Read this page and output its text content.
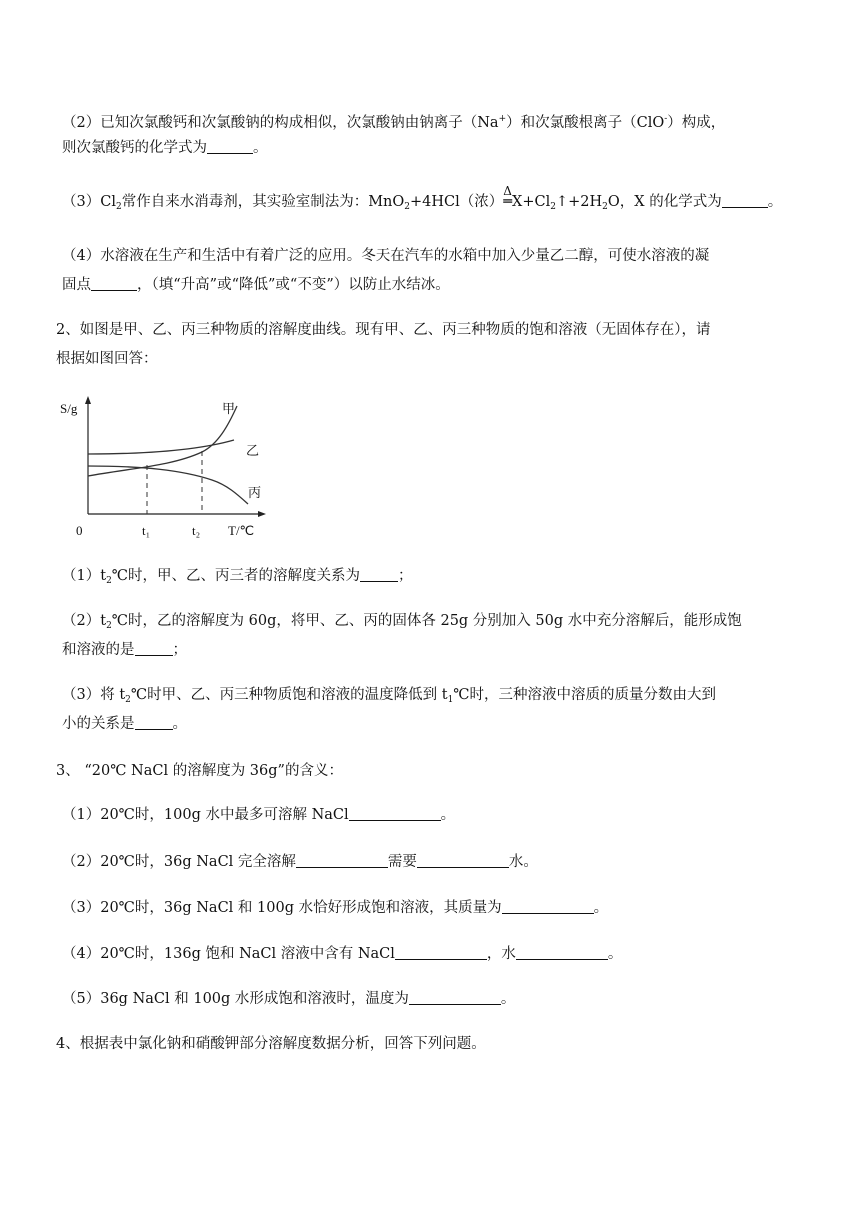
（2）已知次氯酸钙和次氯酸钠的构成相似，次氯酸钠由钠离子（Na+）和次氯酸根离子（ClO-）构成，
则次氯酸钙的化学式为	。
$(3)Cl_2$常作自来水消毒剂，其实验室制法为：MnO$_2$+4HCl（浓）
Δ
$═X+Cl_2↑+2H_2O$，X 的化学式为	。
（4）水溶液在生产和生活中有着广泛的应用。冬天在汽车的水箱中加入少量乙二醇，可使水溶液的凝
固点	，（填“升高”或“降低”或“不变”）以防止水结冰。
2、如图是甲、乙、丙三种物质的溶解度曲线。现有甲、乙、丙三种物质的饱和溶液（无固体存在），请
根据如图回答：
S/g	甲
乙
丙
0	t₁	t₂ T/℃
$(1)t_2℃$时，甲、乙、丙三者的溶解度关系为	；
$(2)t_2℃$时，乙的溶解度为 60g，将甲、乙、丙的固体各 25g 分别加入 50g 水中充分溶解后，能形成饱
和溶液的是	；
（3）将 $t_2℃$时甲、乙、丙三种物质饱和溶液的温度降低到 $t_1℃$时，三种溶液中溶质的质量分数由大到
小的关系是	。
3、 “20℃ NaCl 的溶解度为 36g”的含义：
（1）20℃时，100g 水中最多可溶解 NaCl	。
（2）20℃时，36g NaCl 完全溶解	需要	水。
（3）20℃时，36g NaCl 和 100g 水恰好形成饱和溶液，其质量为	。
（4）20℃时，136g 饱和 NaCl 溶液中含有 NaCl	，水	。
（5）36g NaCl 和 100g 水形成饱和溶液时，温度为	。
4、根据表中氯化钠和硝酸钾部分溶解度数据分析，回答下列问题。
